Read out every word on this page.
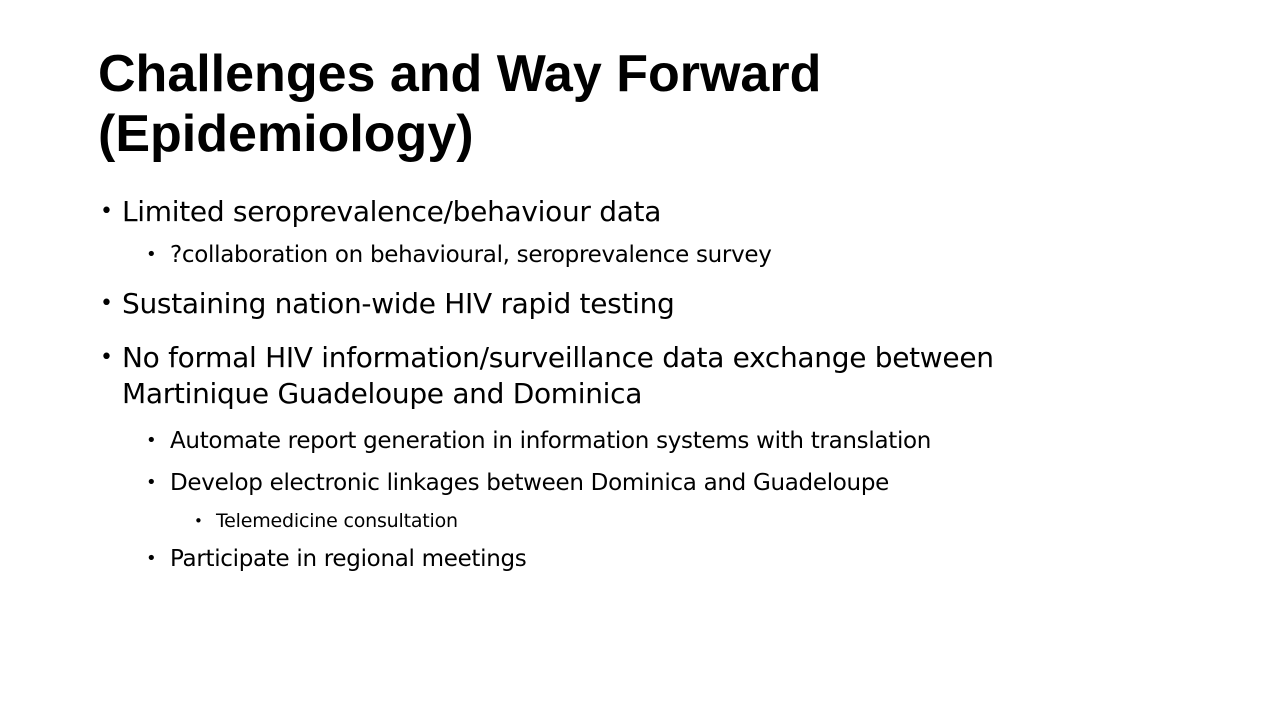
Challenges and Way Forward
(Epidemiology)
• Limited seroprevalence/behaviour data
• ?collaboration on behavioural, seroprevalence survey
• Sustaining nation-wide HIV rapid testing
• No formal HIV information/surveillance data exchange between Martinique Guadeloupe and Dominica
• Automate report generation in information systems with translation
• Develop electronic linkages between Dominica and Guadeloupe
• Telemedicine consultation
• Participate in regional meetings
